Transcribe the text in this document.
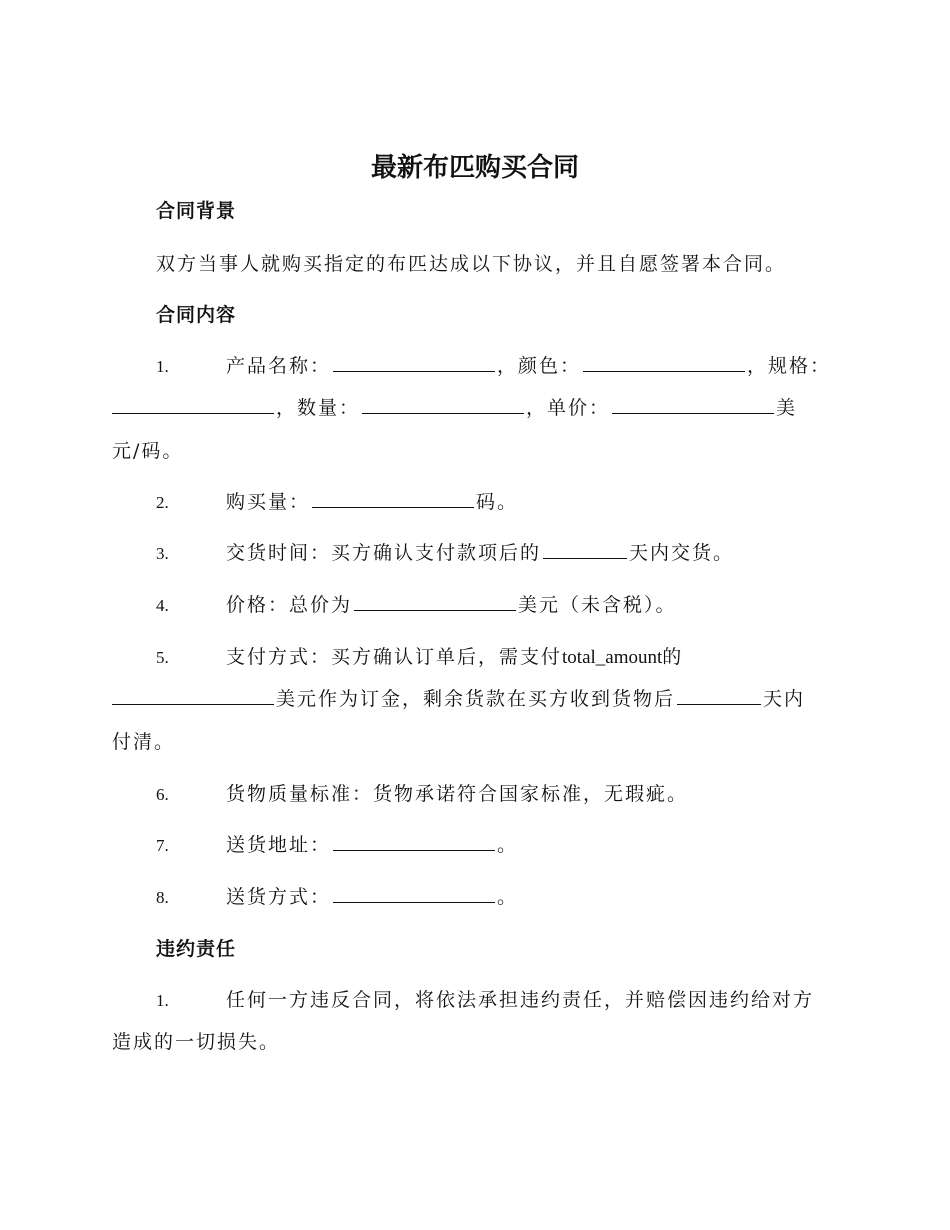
最新布匹购买合同
合同背景
双方当事人就购买指定的布匹达成以下协议，并且自愿签署本合同。
合同内容
1.	产品名称：	，颜色：	，规格：
，数量：	，单价：	美
元/码。
2.	购买量：	码。
3.	交货时间：买方确认支付款项后的	天内交货。
4.	价格：总价为	美元（未含税）。
5.	支付方式：买方确认订单后，需支付total_amount的
美元作为订金，剩余货款在买方收到货物后	天内
付清。
6.	货物质量标准：货物承诺符合国家标准，无瑕疵。
7.	送货地址：	。
8.	送货方式：	。
违约责任
1.	任何一方违反合同，将依法承担违约责任，并赔偿因违约给对方
造成的一切损失。
